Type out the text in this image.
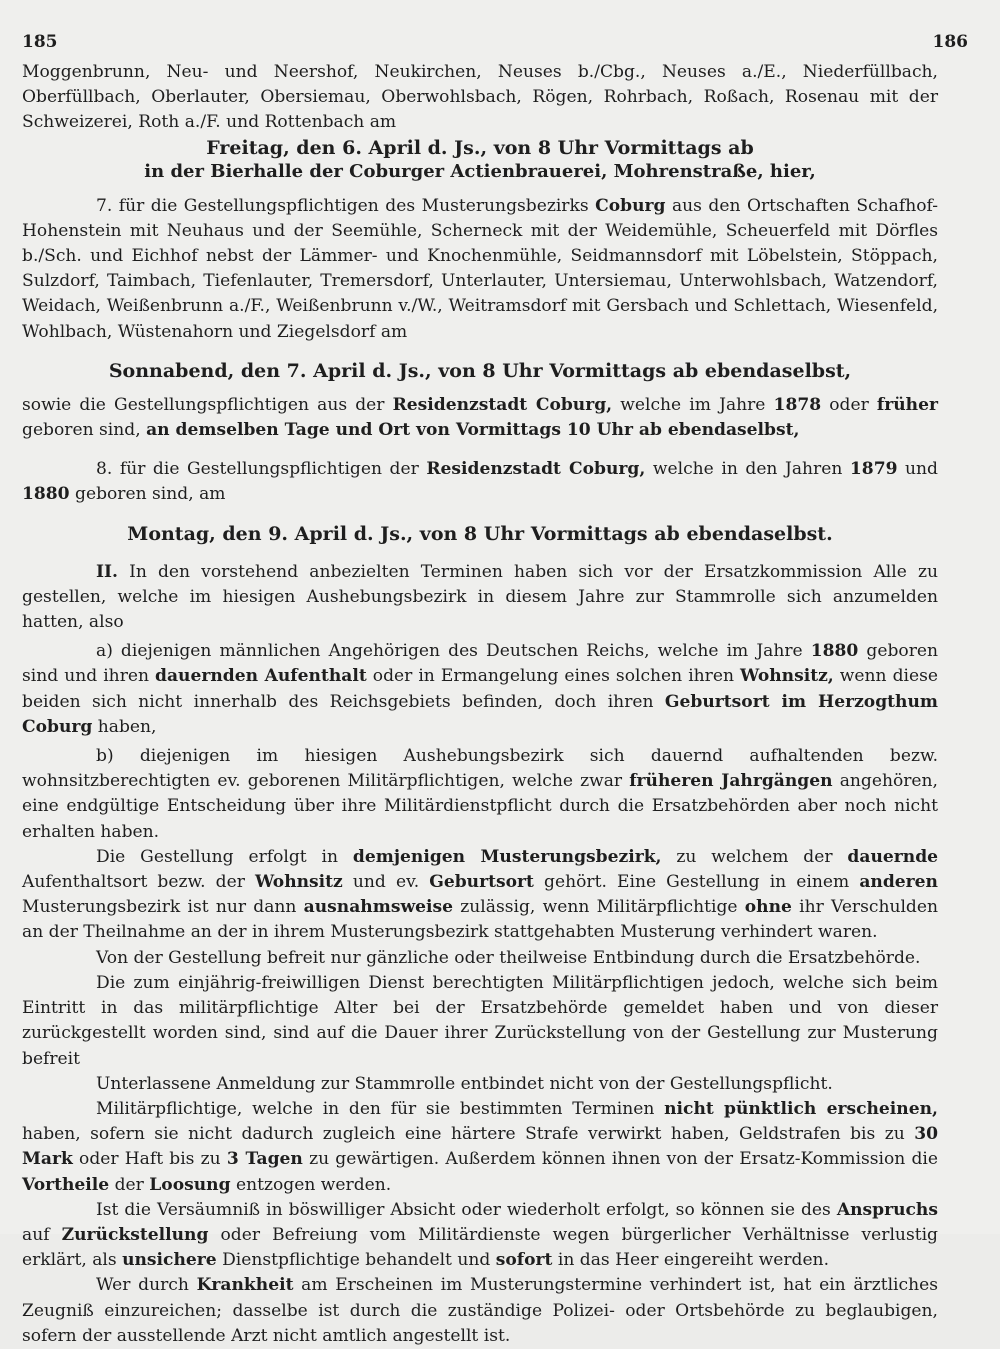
185	186

Moggenbrunn, Neu- und Neershof, Neukirchen, Neuses b./Cbg., Neuses a./E., Niederfüllbach, Oberfüllbach, Oberlauter, Obersiemau, Oberwohlsbach, Rögen, Rohrbach, Roßach, Rosenau mit der Schweizerei, Roth a./F. und Rottenbach am

Freitag, den 6. April d. Js., von 8 Uhr Vormittags ab

in der Bierhalle der Coburger Actienbrauerei, Mohrenstraße, hier,

7. für die Gestellungspflichtigen des Musterungsbezirks Coburg aus den Ortschaften Schafhof-Hohenstein mit Neuhaus und der Seemühle, Scherneck mit der Weidemühle, Scheuerfeld mit Dörfles b./Sch. und Eichhof nebst der Lämmer- und Knochenmühle, Seidmannsdorf mit Löbelstein, Stöppach, Sulzdorf, Taimbach, Tiefenlauter, Tremersdorf, Unterlauter, Untersiemau, Unterwohlsbach, Watzendorf, Weidach, Weißenbrunn a./F., Weißenbrunn v./W., Weitramsdorf mit Gersbach und Schlettach, Wiesenfeld, Wohlbach, Wüstenahorn und Ziegelsdorf am

Sonnabend, den 7. April d. Js., von 8 Uhr Vormittags ab ebendaselbst,

sowie die Gestellungspflichtigen aus der Residenzstadt Coburg, welche im Jahre 1878 oder früher geboren sind, an demselben Tage und Ort von Vormittags 10 Uhr ab ebendaselbst,

8. für die Gestellungspflichtigen der Residenzstadt Coburg, welche in den Jahren 1879 und 1880 geboren sind, am

Montag, den 9. April d. Js., von 8 Uhr Vormittags ab ebendaselbst.

II. In den vorstehend anbezielten Terminen haben sich vor der Ersatzkommission Alle zu gestellen, welche im hiesigen Aushebungsbezirk in diesem Jahre zur Stammrolle sich anzumelden hatten, also

a) diejenigen männlichen Angehörigen des Deutschen Reichs, welche im Jahre 1880 geboren sind und ihren dauernden Aufenthalt oder in Ermangelung eines solchen ihren Wohnsitz, wenn diese beiden sich nicht innerhalb des Reichsgebiets befinden, doch ihren Geburtsort im Herzogthum Coburg haben,

b) diejenigen im hiesigen Aushebungsbezirk sich dauernd aufhaltenden bezw. wohnsitzberechtigten ev. geborenen Militärpflichtigen, welche zwar früheren Jahrgängen angehören, eine endgültige Entscheidung über ihre Militärdienstpflicht durch die Ersatzbehörden aber noch nicht erhalten haben.

Die Gestellung erfolgt in demjenigen Musterungsbezirk, zu welchem der dauernde Aufenthaltsort bezw. der Wohnsitz und ev. Geburtsort gehört. Eine Gestellung in einem anderen Musterungsbezirk ist nur dann ausnahmsweise zulässig, wenn Militärpflichtige ohne ihr Verschulden an der Theilnahme an der in ihrem Musterungsbezirk stattgehabten Musterung verhindert waren.

Von der Gestellung befreit nur gänzliche oder theilweise Entbindung durch die Ersatzbehörde.

Die zum einjährig-freiwilligen Dienst berechtigten Militärpflichtigen jedoch, welche sich beim Eintritt in das militärpflichtige Alter bei der Ersatzbehörde gemeldet haben und von dieser zurückgestellt worden sind, sind auf die Dauer ihrer Zurückstellung von der Gestellung zur Musterung befreit

Unterlassene Anmeldung zur Stammrolle entbindet nicht von der Gestellungspflicht.

Militärpflichtige, welche in den für sie bestimmten Terminen nicht pünktlich erscheinen, haben, sofern sie nicht dadurch zugleich eine härtere Strafe verwirkt haben, Geldstrafen bis zu 30 Mark oder Haft bis zu 3 Tagen zu gewärtigen. Außerdem können ihnen von der Ersatz-Kommission die Vortheile der Loosung entzogen werden.

Ist die Versäumniß in böswilliger Absicht oder wiederholt erfolgt, so können sie des Anspruchs auf Zurückstellung oder Befreiung vom Militärdienste wegen bürgerlicher Verhältnisse verlustig erklärt, als unsichere Dienstpflichtige behandelt und sofort in das Heer eingereiht werden.

Wer durch Krankheit am Erscheinen im Musterungstermine verhindert ist, hat ein ärztliches Zeugniß einzureichen; dasselbe ist durch die zuständige Polizei- oder Ortsbehörde zu beglaubigen, sofern der ausstellende Arzt nicht amtlich angestellt ist.
